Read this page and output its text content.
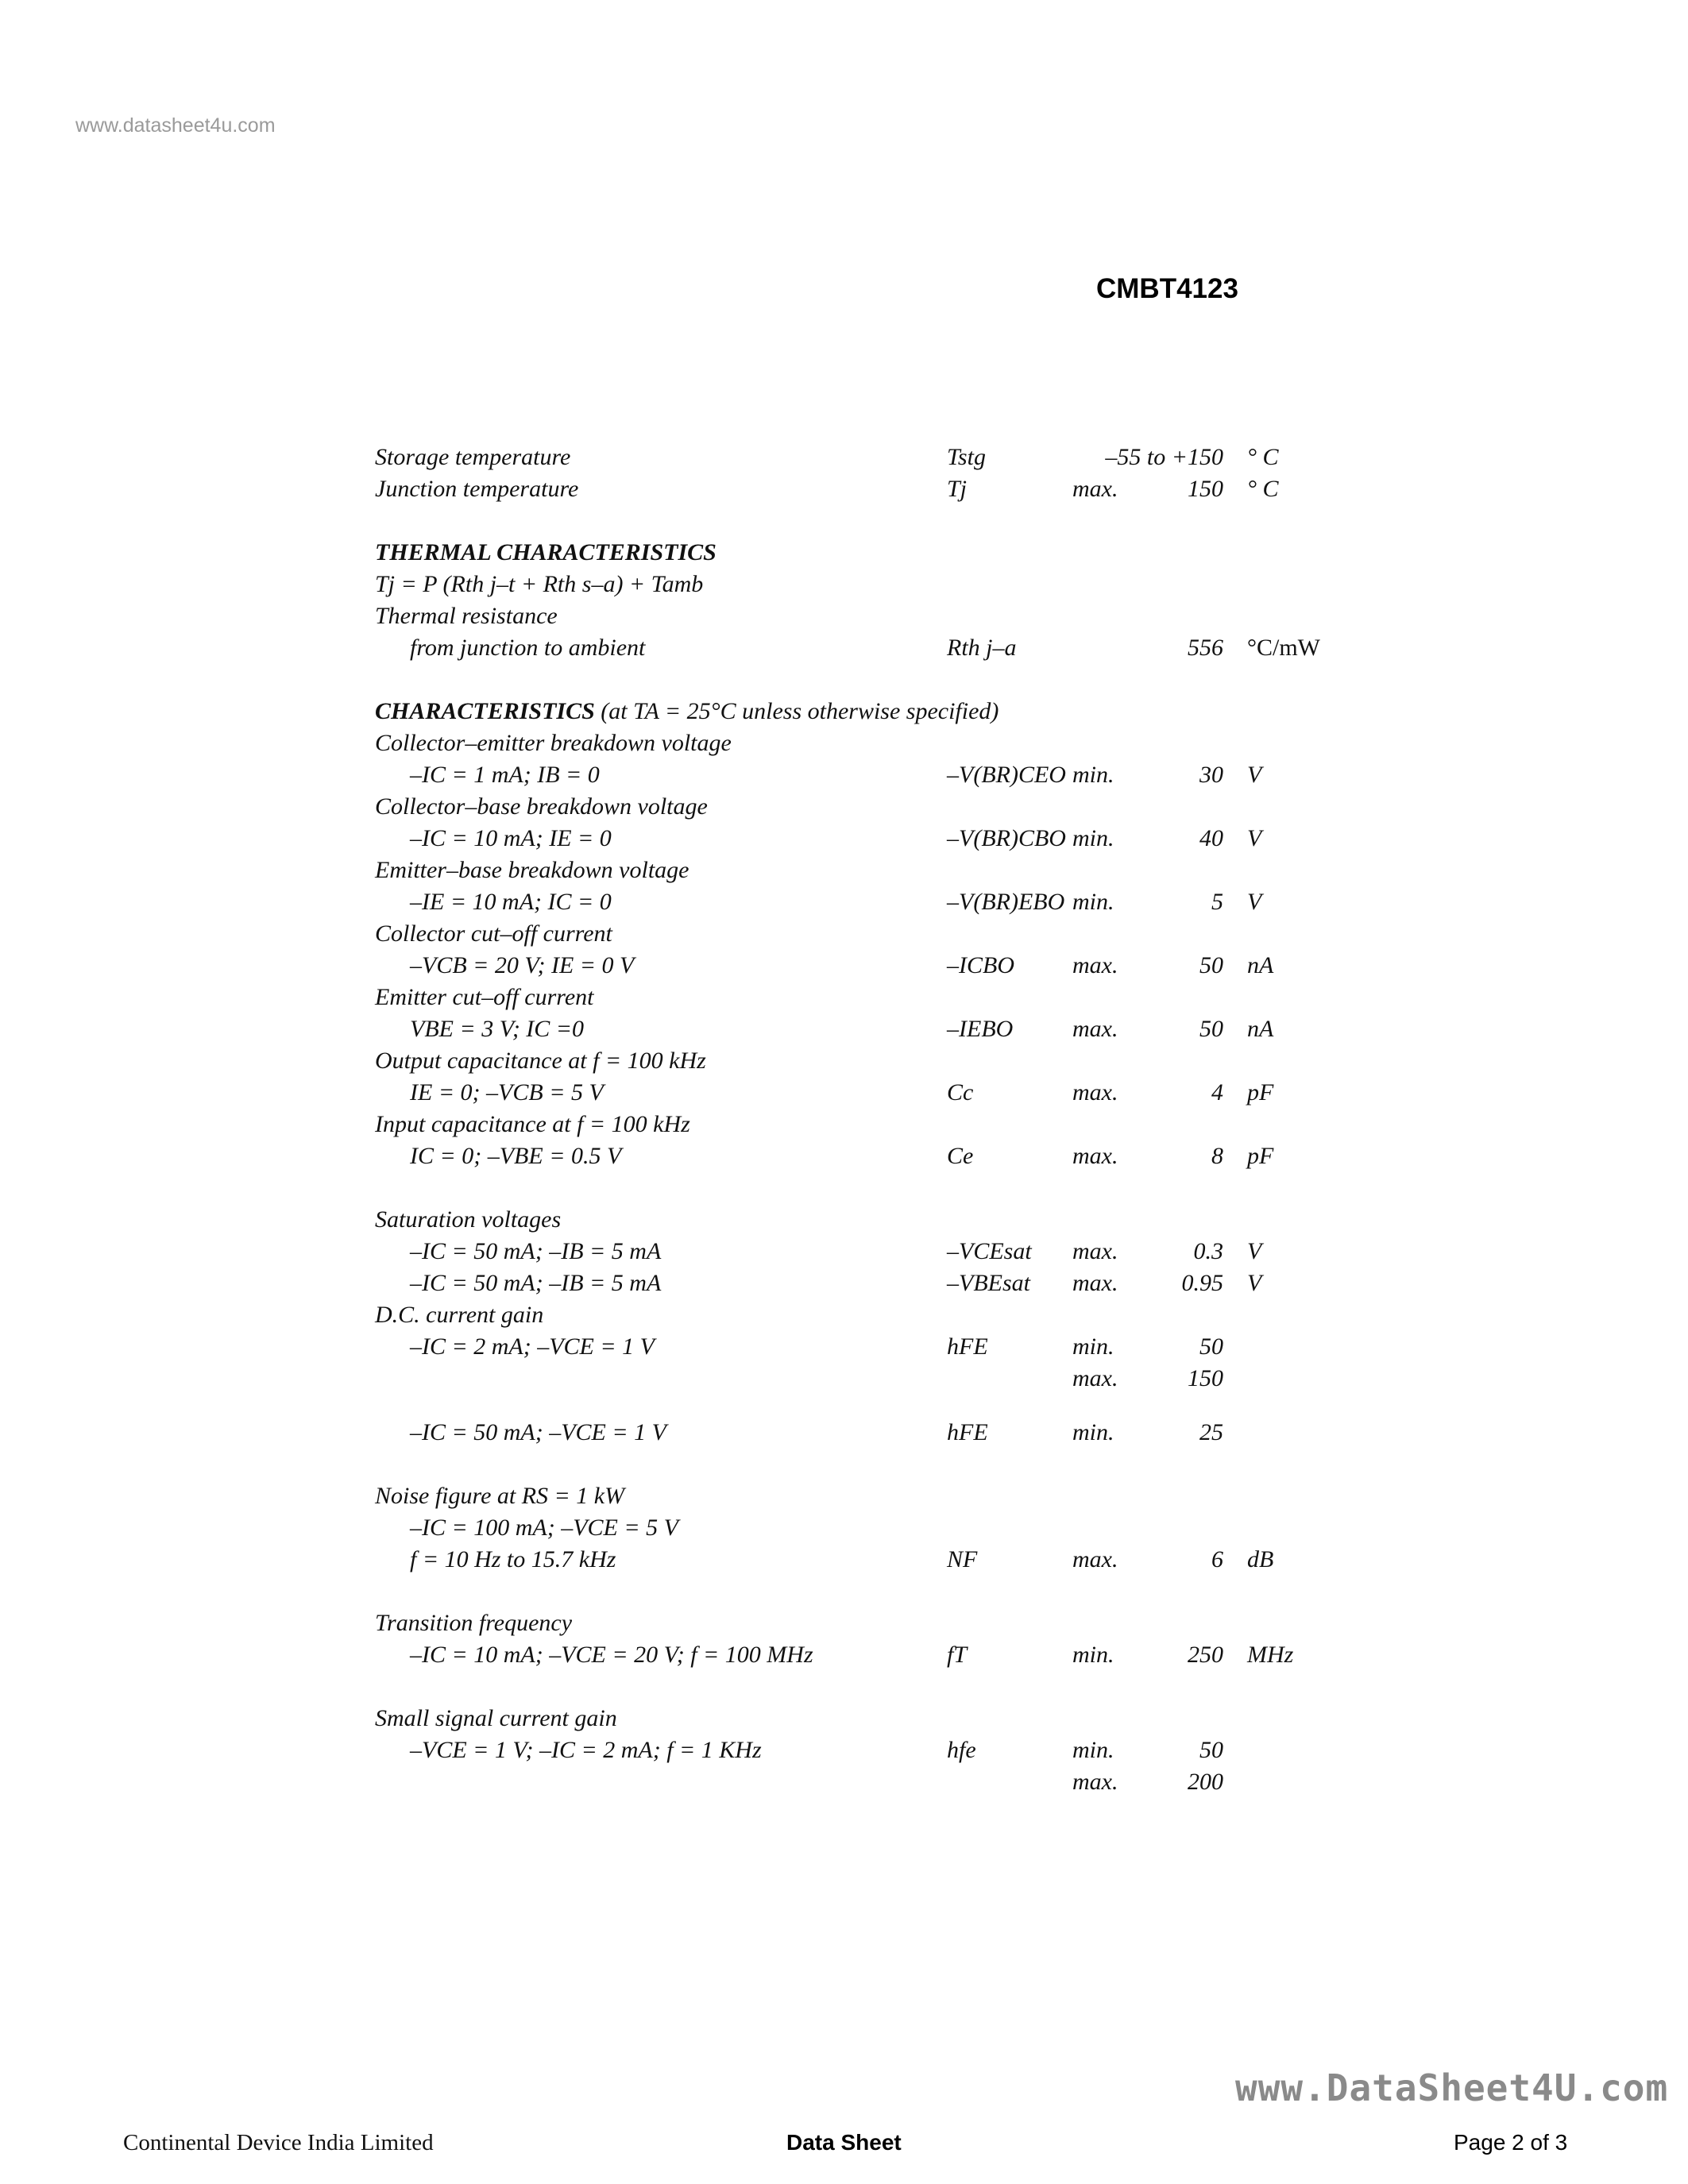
www.datasheet4u.com
CMBT4123
Storage temperature	Tstg	–55 to +150 ° C
Junction temperature	Tj	max.	150 ° C
THERMAL CHARACTERISTICS
Tj = P (Rth j–t + Rth s–a) + Tamb
Thermal resistance
from junction to ambient	Rth j–a	556 °C/mW
CHARACTERISTICS (at TA = 25°C unless otherwise specified)
Collector–emitter breakdown voltage
–IC = 1 mA; IB = 0	–V(BR)CEO min.	30 V
Collector–base breakdown voltage
–IC = 10 mA; IE = 0	–V(BR)CBO min.	40 V
Emitter–base breakdown voltage
–IE = 10 mA; IC = 0	–V(BR)EBO min.	5 V
Collector cut–off current
–VCB = 20 V; IE = 0 V	–ICBO max.	50 nA
Emitter cut–off current
VBE = 3 V; IC =0	–IEBO max.	50 nA
Output capacitance at f = 100 kHz
IE = 0; –VCB = 5 V	Cc	max.	4 pF
Input capacitance at f = 100 kHz
IC = 0; –VBE = 0.5 V	Ce	max.	8 pF
Saturation voltages
–IC = 50 mA; –IB = 5 mA	–VCEsat max.	0.3 V
–IC = 50 mA; –IB = 5 mA	–VBEsat max.	0.95 V
D.C. current gain
–IC = 2 mA; –VCE = 1 V	hFE	min.	50
max.	150
–IC = 50 mA; –VCE = 1 V	hFE	min.	25
Noise figure at RS = 1 kW
–IC = 100 mA; –VCE = 5 V
f = 10 Hz to 15.7 kHz	NF	max.	6 dB
Transition frequency
–IC = 10 mA; –VCE = 20 V; f = 100 MHz	fT	min.	250 MHz
Small signal current gain
–VCE = 1 V; –IC = 2 mA; f = 1 KHz	hfe	min.	50
max.	200
www.DataSheet4U.com
Continental Device India Limited	Data Sheet	Page 2 of 3
